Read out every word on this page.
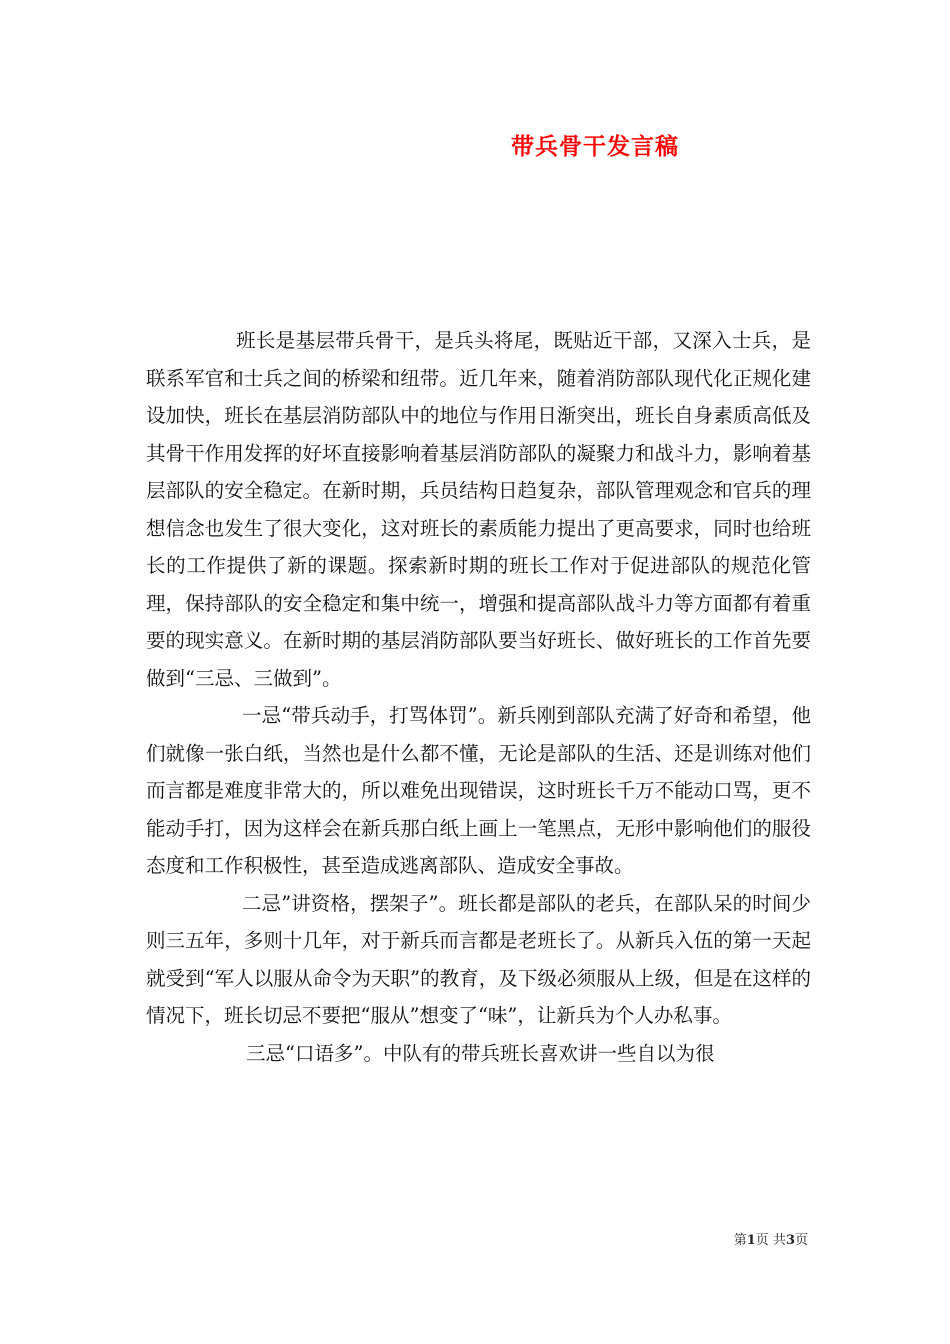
带兵骨干发言稿

班长是基层带兵骨干，是兵头将尾，既贴近干部，又深入士兵，是联系军官和士兵之间的桥梁和纽带。近几年来，随着消防部队现代化正规化建设加快，班长在基层消防部队中的地位与作用日渐突出，班长自身素质高低及其骨干作用发挥的好坏直接影响着基层消防部队的凝聚力和战斗力，影响着基层部队的安全稳定。在新时期，兵员结构日趋复杂，部队管理观念和官兵的理想信念也发生了很大变化，这对班长的素质能力提出了更高要求，同时也给班长的工作提供了新的课题。探索新时期的班长工作对于促进部队的规范化管理，保持部队的安全稳定和集中统一，增强和提高部队战斗力等方面都有着重要的现实意义。在新时期的基层消防部队要当好班长、做好班长的工作首先要做到“三忌、三做到”。

一忌“带兵动手，打骂体罚”。新兵刚到部队充满了好奇和希望，他们就像一张白纸，当然也是什么都不懂，无论是部队的生活、还是训练对他们而言都是难度非常大的，所以难免出现错误，这时班长千万不能动口骂，更不能动手打，因为这样会在新兵那白纸上画上一笔黑点，无形中影响他们的服役态度和工作积极性，甚至造成逃离部队、造成安全事故。

二忌”讲资格，摆架子”。班长都是部队的老兵，在部队呆的时间少则三五年，多则十几年，对于新兵而言都是老班长了。从新兵入伍的第一天起就受到“军人以服从命令为天职”的教育，及下级必须服从上级，但是在这样的情况下，班长切忌不要把“服从”想变了“味”，让新兵为个人办私事。

三忌“口语多”。中队有的带兵班长喜欢讲一些自以为很

第1页 共3页
